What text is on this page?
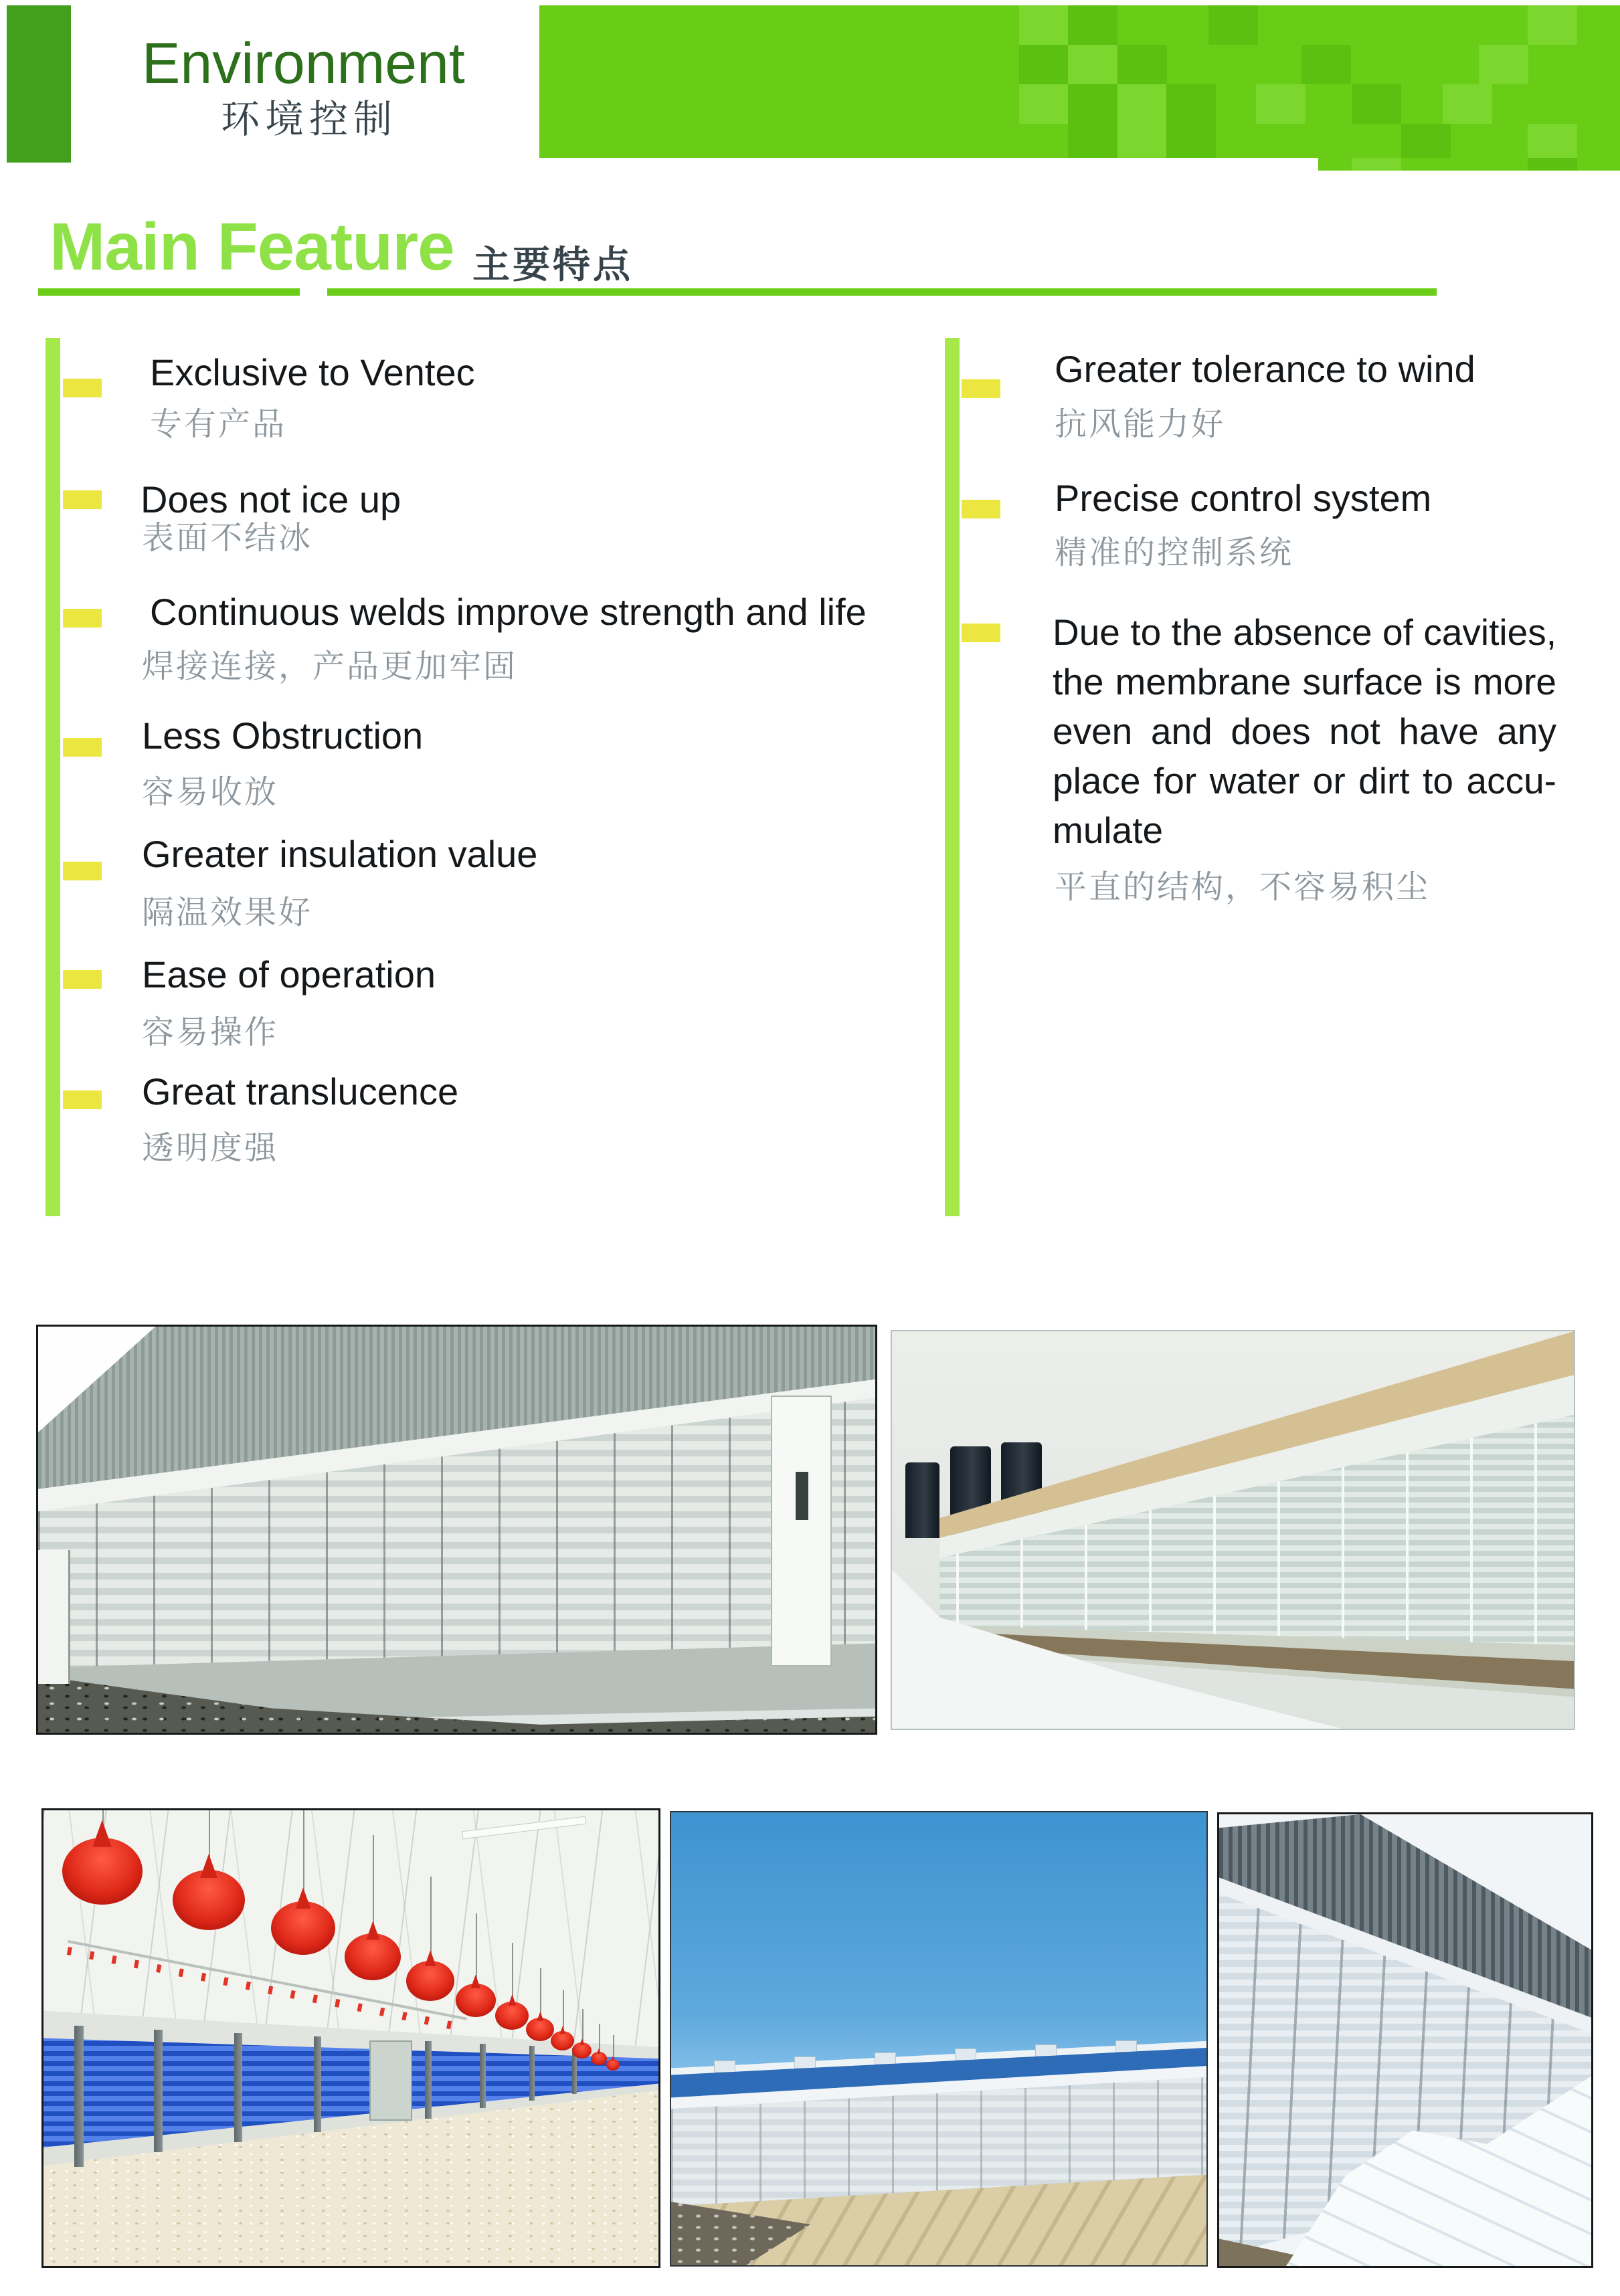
Environment
环境控制
Main Feature 主要特点
Exclusive to Ventec
专有产品
Does not ice up
表面不结冰
Continuous welds improve strength and life
焊接连接，产品更加牢固
Less Obstruction
容易收放
Greater insulation value
隔温效果好
Ease of operation
容易操作
Great translucence
透明度强
Greater tolerance to wind
抗风能力好
Precise control system
精准的控制系统
Due to the absence of cavities,
the membrane surface is more
even and does not have any
place for water or dirt to accu-
mulate
平直的结构，不容易积尘
